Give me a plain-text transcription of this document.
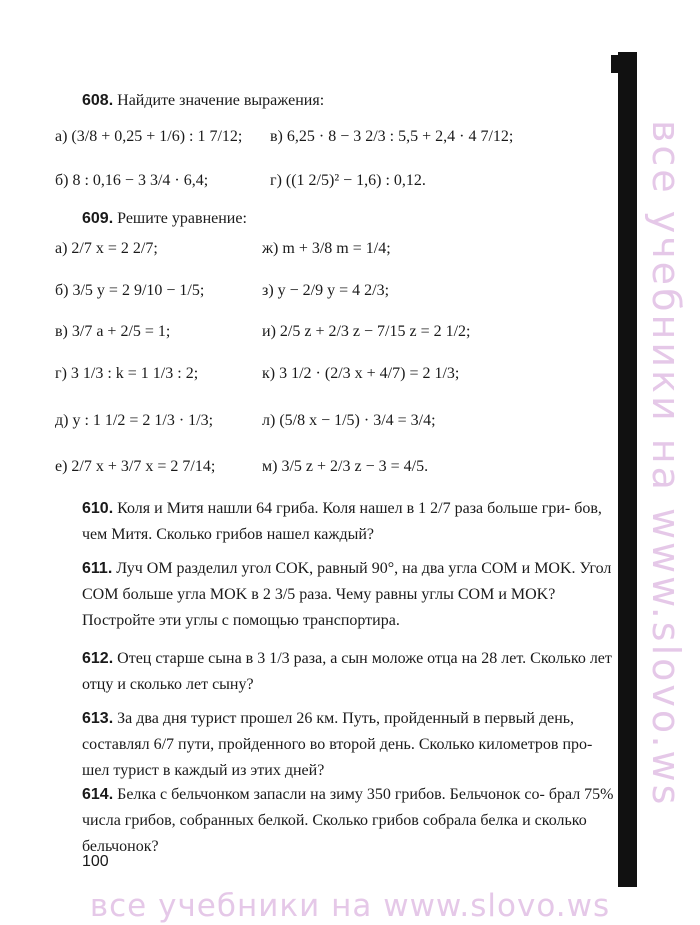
608. Найдите значение выражения:
а) (3/8 + 0,25 + 1/6) : 1 7/12; в) 6,25 · 8 − 3 2/3 : 5,5 + 2,4 · 4 7/12;
б) 8 : 0,16 − 3 3/4 · 6,4;	г) ((1 2/5)² − 1,6) : 0,12.
609. Решите уравнение:
а) 2/7 x = 2 2/7;
б) 3/5 y = 2 9/10 − 1/5;
в) 3/7 a + 2/5 = 1;
г) 3 1/3 : k = 1 1/3 : 2;
д) y : 1 1/2 = 2 1/3 · 1/3;
е) 2/7 x + 3/7 x = 2 7/14;
ж) m + 3/8 m = 1/4;
з) y − 2/9 y = 4 2/3;
и) 2/5 z + 2/3 z − 7/15 z = 2 1/2;
к) 3 1/2 · (2/3 x + 4/7) = 2 1/3;
л) (5/8 x − 1/5) · 3/4 = 3/4;
м) 3/5 z + 2/3 z − 3 = 4/5.
610. Коля и Митя нашли 64 гриба. Коля нашел в 1 2/7 раза больше гри- бов, чем Митя. Сколько грибов нашел каждый?
611. Луч OM разделил угол COK, равный 90°, на два угла COM и MOK. Угол COM больше угла MOK в 2 3/5 раза. Чему равны углы COM и MOK? Постройте эти углы с помощью транспортира.
612. Отец старше сына в 3 1/3 раза, а сын моложе отца на 28 лет. Сколько лет отцу и сколько лет сыну?
613. За два дня турист прошел 26 км. Путь, пройденный в первый день, составлял 6/7 пути, пройденного во второй день. Сколько километров про- шел турист в каждый из этих дней?
614. Белка с бельчонком запасли на зиму 350 грибов. Бельчонок со- брал 75% числа грибов, собранных белкой. Сколько грибов собрала белка и сколько бельчонок?
100
все учебники на www.slovo.ws
все учебники на www.slovo.ws
